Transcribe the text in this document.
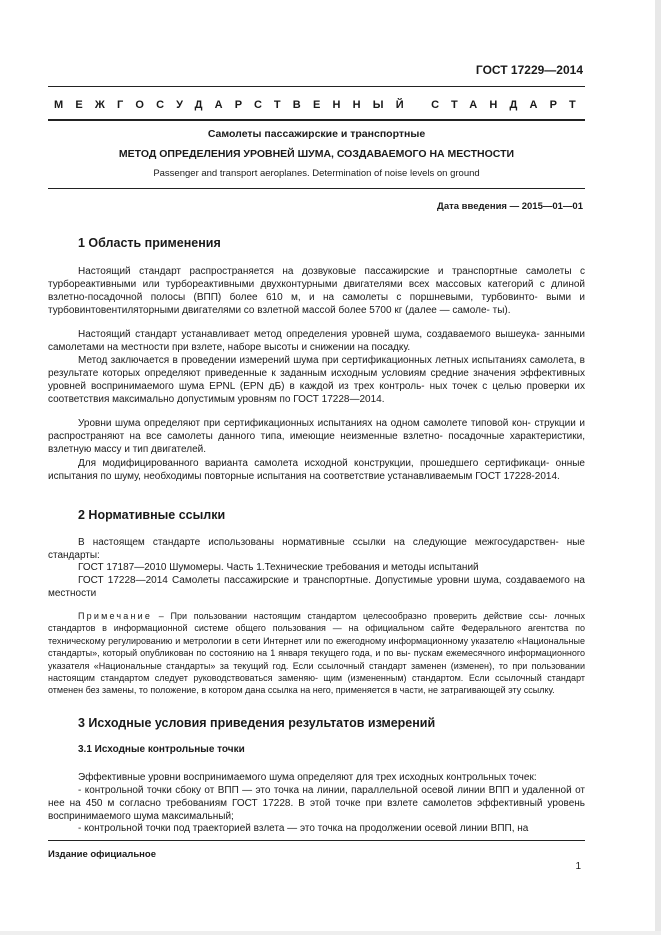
ГОСТ 17229—2014
МЕЖГОСУДАРСТВЕННЫЙ СТАНДАРТ
Самолеты пассажирские и транспортные
МЕТОД ОПРЕДЕЛЕНИЯ УРОВНЕЙ ШУМА, СОЗДАВАЕМОГО НА МЕСТНОСТИ
Passenger and transport aeroplanes. Determination of noise levels on ground
Дата введения — 2015—01—01
1 Область применения
Настоящий стандарт распространяется на дозвуковые пассажирские и транспортные самолеты с турбореактивными или турбореактивными двухконтурными двигателями всех массовых категорий с длиной взлетно-посадочной полосы (ВПП) более 610 м, и на самолеты с поршневыми, турбовинто- выми и турбовинтовентиляторными двигателями со взлетной массой более 5700 кг (далее — самоле- ты).
Настоящий стандарт устанавливает метод определения уровней шума, создаваемого вышеука- занными самолетами на местности при взлете, наборе высоты и снижении на посадку.
Метод заключается в проведении измерений шума при сертификационных летных испытаниях самолета, в результате которых определяют приведенные к заданным исходным условиям средние значения эффективных уровней воспринимаемого шума EPNL (EPN дБ) в каждой из трех контроль- ных точек с целью проверки их соответствия максимально допустимым уровням по ГОСТ 17228—2014.
Уровни шума определяют при сертификационных испытаниях на одном самолете типовой кон- струкции и распространяют на все самолеты данного типа, имеющие неизменные взлетно- посадочные характеристики, взлетную массу и тип двигателей.
Для модифицированного варианта самолета исходной конструкции, прошедшего сертификаци- онные испытания по шуму, необходимы повторные испытания на соответствие устанавливаемым ГОСТ 17228-2014.
2 Нормативные ссылки
В настоящем стандарте использованы нормативные ссылки на следующие межгосударствен- ные стандарты:
ГОСТ 17187—2010 Шумомеры. Часть 1.Технические требования и методы испытаний
ГОСТ 17228—2014 Самолеты пассажирские и транспортные. Допустимые уровни шума, создаваемого на местности
Примечание – При пользовании настоящим стандартом целесообразно проверить действие ссы- лочных стандартов в информационной системе общего пользования — на официальном сайте Федерального агентства по техническому регулированию и метрологии в сети Интернет или по ежегодному информационному указателю «Национальные стандарты», который опубликован по состоянию на 1 января текущего года, и по вы- пускам ежемесячного информационного указателя «Национальные стандарты» за текущий год. Если ссылочный стандарт заменен (изменен), то при пользовании настоящим стандартом следует руководствоваться заменяю- щим (измененным) стандартом. Если ссылочный стандарт отменен без замены, то положение, в котором дана ссылка на него, применяется в части, не затрагивающей эту ссылку.
3 Исходные условия приведения результатов измерений
3.1 Исходные контрольные точки
Эффективные уровни воспринимаемого шума определяют для трех исходных контрольных точек:
- контрольной точки сбоку от ВПП — это точка на линии, параллельной осевой линии ВПП и удаленной от нее на 450 м согласно требованиям ГОСТ 17228. В этой точке при взлете самолетов эффективный уровень воспринимаемого шума максимальный;
- контрольной точки под траекторией взлета — это точка на продолжении осевой линии ВПП, на
Издание официальное
1
